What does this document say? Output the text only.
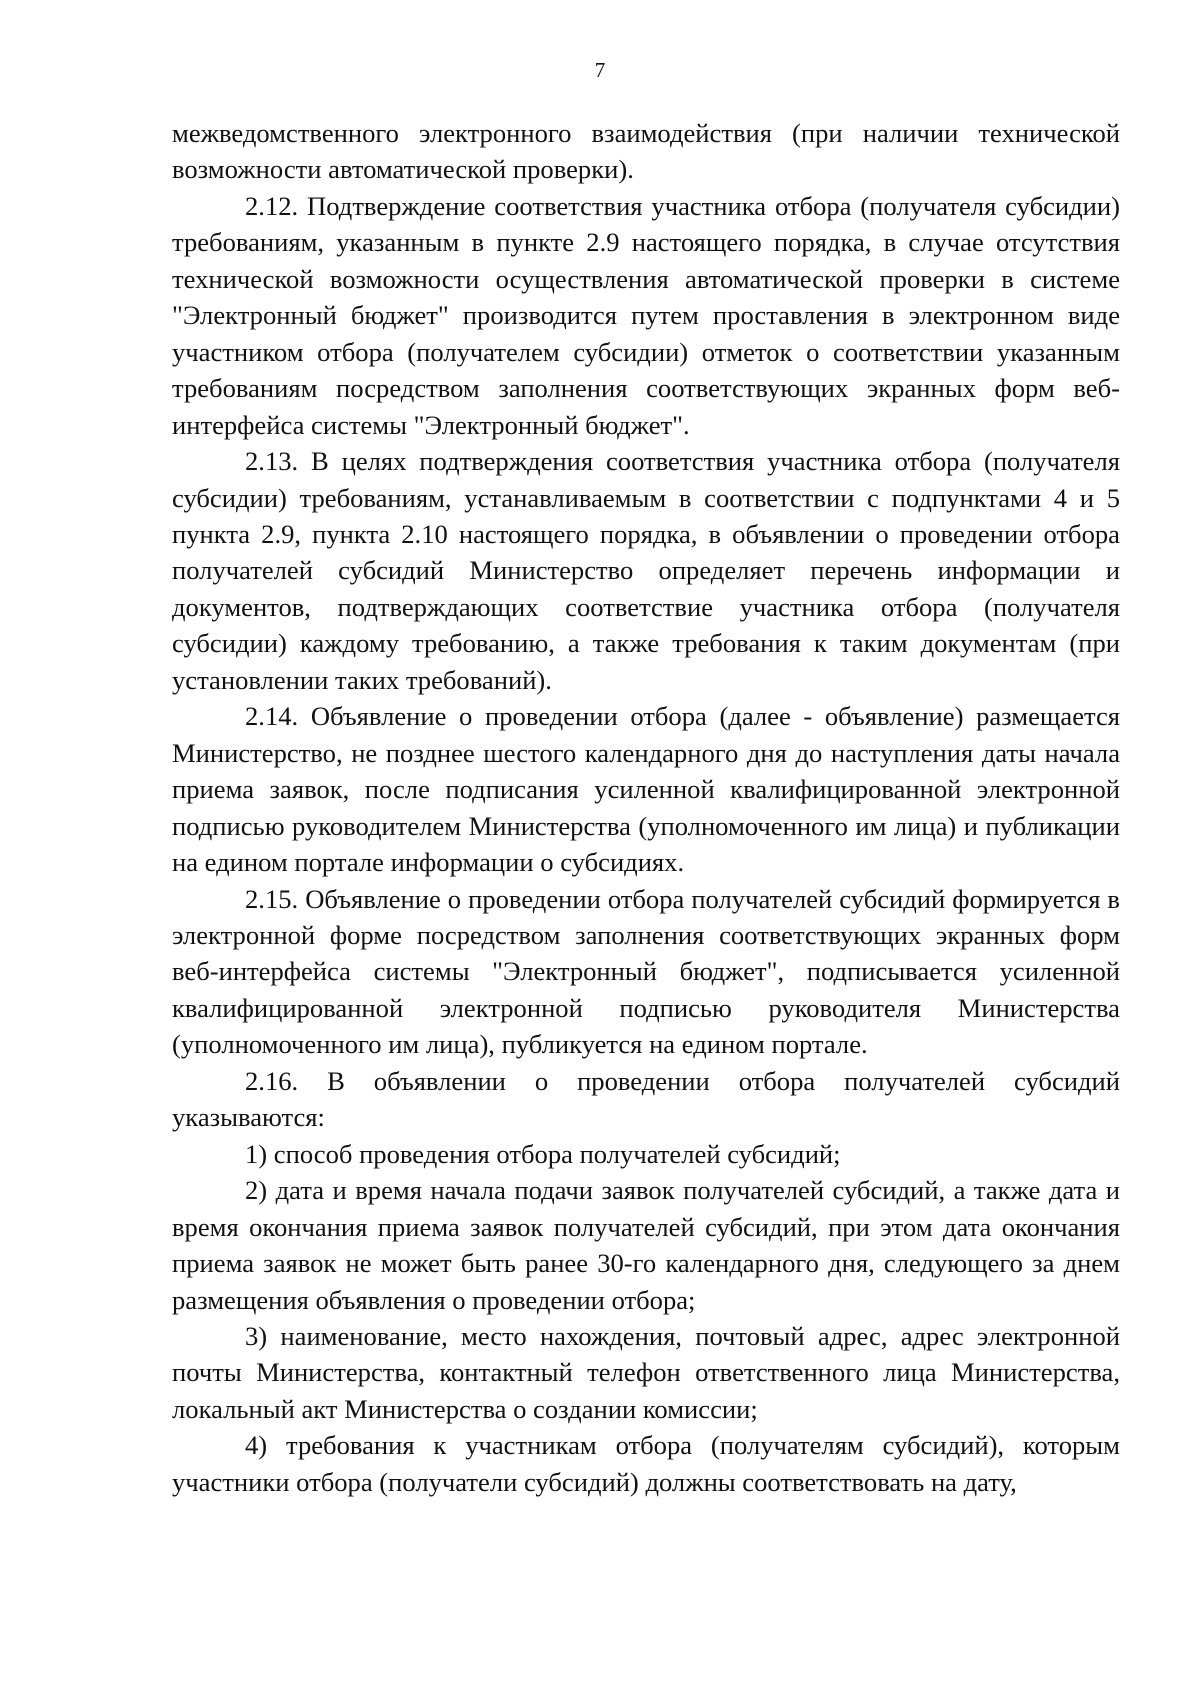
7

межведомственного электронного взаимодействия (при наличии технической возможности автоматической проверки).

2.12. Подтверждение соответствия участника отбора (получателя субсидии) требованиям, указанным в пункте 2.9 настоящего порядка, в случае отсутствия технической возможности осуществления автоматической проверки в системе "Электронный бюджет" производится путем проставления в электронном виде участником отбора (получателем субсидии) отметок о соответствии указанным требованиям посредством заполнения соответствующих экранных форм веб-интерфейса системы "Электронный бюджет".

2.13. В целях подтверждения соответствия участника отбора (получателя субсидии) требованиям, устанавливаемым в соответствии с подпунктами 4 и 5 пункта 2.9, пункта 2.10 настоящего порядка, в объявлении о проведении отбора получателей субсидий Министерство определяет перечень информации и документов, подтверждающих соответствие участника отбора (получателя субсидии) каждому требованию, а также требования к таким документам (при установлении таких требований).

2.14. Объявление о проведении отбора (далее - объявление) размещается Министерство, не позднее шестого календарного дня до наступления даты начала приема заявок, после подписания усиленной квалифицированной электронной подписью руководителем Министерства (уполномоченного им лица) и публикации на едином портале информации о субсидиях.

2.15. Объявление о проведении отбора получателей субсидий формируется в электронной форме посредством заполнения соответствующих экранных форм веб-интерфейса системы "Электронный бюджет", подписывается усиленной квалифицированной электронной подписью руководителя Министерства (уполномоченного им лица), публикуется на едином портале.

2.16. В объявлении о проведении отбора получателей субсидий указываются:

1) способ проведения отбора получателей субсидий;

2) дата и время начала подачи заявок получателей субсидий, а также дата и время окончания приема заявок получателей субсидий, при этом дата окончания приема заявок не может быть ранее 30-го календарного дня, следующего за днем размещения объявления о проведении отбора;

3) наименование, место нахождения, почтовый адрес, адрес электронной почты Министерства, контактный телефон ответственного лица Министерства, локальный акт Министерства о создании комиссии;

4) требования к участникам отбора (получателям субсидий), которым участники отбора (получатели субсидий) должны соответствовать на дату,
